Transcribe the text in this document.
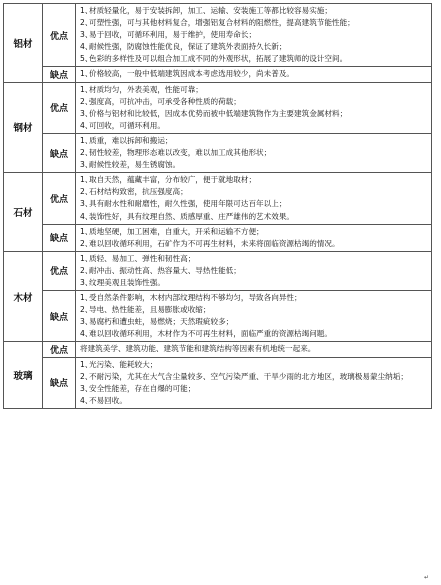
铝材	优点	1、材质轻量化，易于安装拆卸，加工、运输、安装施工等都比较容易实施；
2、可塑性强，可与其他材料复合，增强铝复合材料的阻燃性，提高建筑节能性能；
3、易于回收，可循环利用，易于维护，使用寿命长；
4、耐候性强，防腐蚀性能优良，保证了建筑外表面持久长新；
5、色彩的多样性及可以组合加工成不同的外观形状，拓展了建筑师的设计空间。

	缺点	1、价格较高，一般中低端建筑因成本考虑选用较少，尚未普及。

钢材	优点	1、材质均匀，外表美观，性能可靠；
2、强度高，可抗冲击，可承受各种性质的荷载；
3、价格与铝材和比较低，因成本优势而被中低端建筑物作为主要建筑金属材料；
4、可回收，可循环利用。

	缺点	1、质重，难以拆卸和搬运；
2、韧性较差，物理形态难以改变，难以加工成其他形状；
3、耐候性较差，易生锈腐蚀。

石材	优点	1、取自天然，蕴藏丰富，分布较广，便于就地取材；
2、石材结构致密，抗压强度高；
3、具有耐水性和耐磨性，耐久性强，使用年限可达百年以上；
4、装饰性好，具有纹理自然、质感厚重、庄严雄伟的艺术效果。

	缺点	1、质地坚硬，加工困难，自重大，开采和运输不方便；
2、难以回收循环利用，石矿作为不可再生材料，未来将面临资源枯竭的情况。

木材	优点	1、质轻、易加工、弹性和韧性高；
2、耐冲击、振动性高、热容量大、导热性能低；
3、纹理美观且装饰性强。

	缺点	1、受自然条件影响，木材内部纹理结构不够均匀，导致各向异性；
2、导电、热性能差，且易膨胀或收缩；
3、易腐朽和遭虫蛀，易燃烧；天然瑕疵较多；
4、难以回收循环利用，木材作为不可再生材料，面临严重的资源枯竭问题。

玻璃	优点	将建筑美学、建筑功能、建筑节能和建筑结构等因素有机地统一起来。

	缺点	1、光污染、能耗较大；
2、不耐污染，尤其在大气含尘量较多、空气污染严重、干旱少雨的北方地区，玻璃极易蒙尘纳垢；
3、安全性能差，存在自爆的可能；
4、不易回收。
↵
